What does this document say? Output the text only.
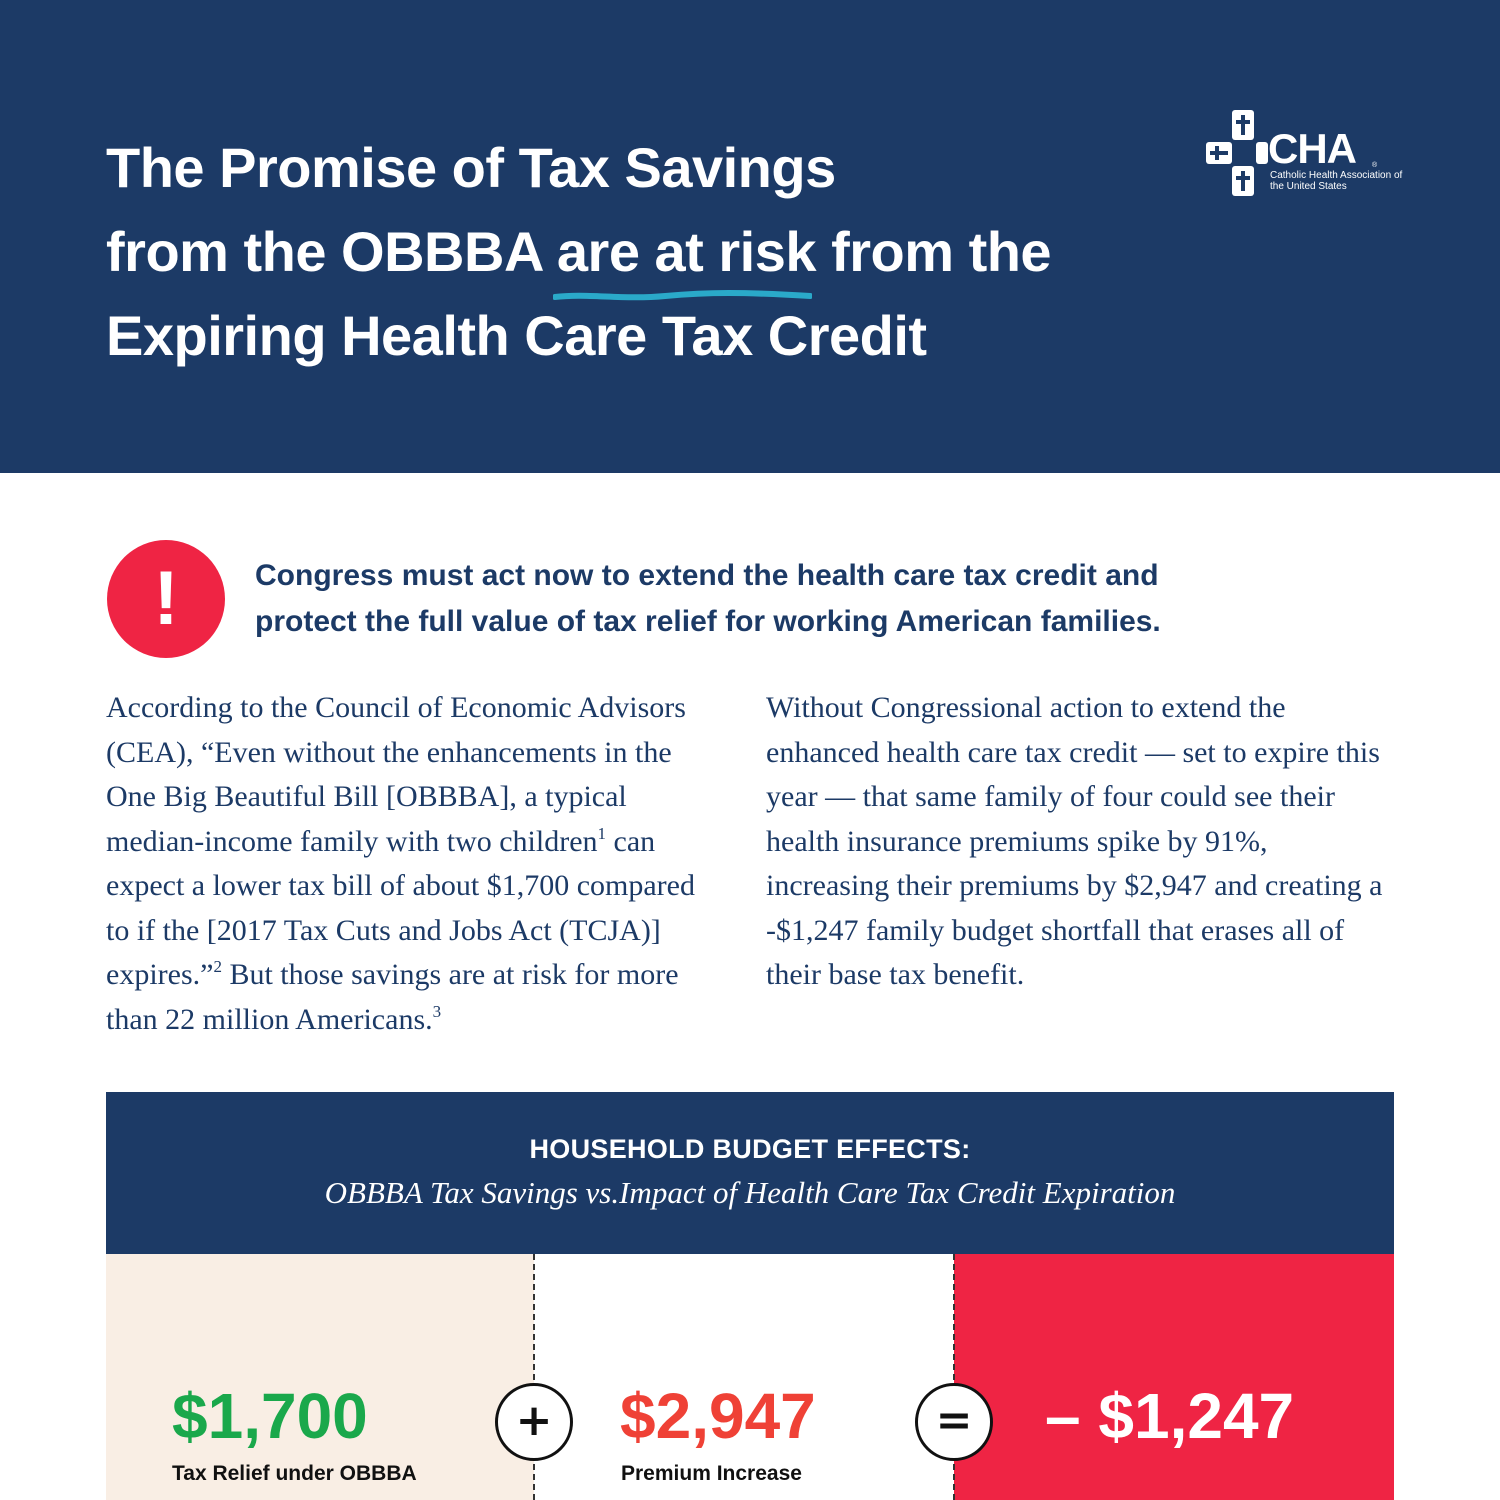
The Promise of Tax Savings
from the OBBBA are at risk
from the
Expiring Health Care Tax Credit
CHA ®
Catholic Health Association of the United States
!	Congress must act now to extend the health care tax credit and protect the full value of tax relief for working American families.

According to the Council of Economic Advisors (CEA), “Even without the enhancements in the One Big Beautiful Bill [OBBBA], a typical median-income family with two children$^1$ can expect a lower tax bill of about $1,700 compared to if the [2017 Tax Cuts and Jobs Act (TCJA)] expires.”$^2$ But those savings are at risk for more than 22 million Americans.$^3$

Without Congressional action to extend the enhanced health care tax credit — set to expire this year — that same family of four could see their health insurance premiums spike by 91%, increasing their premiums by $2,947 and creating a -$1,247 family budget shortfall that erases all of their base tax benefit.

HOUSEHOLD BUDGET EFFECTS:
OBBBA Tax Savings vs.Impact of Health Care Tax Credit Expiration
$1,700
Tax Relief under OBBBA
+	$2,947
Premium Increase
=	– $1,247
